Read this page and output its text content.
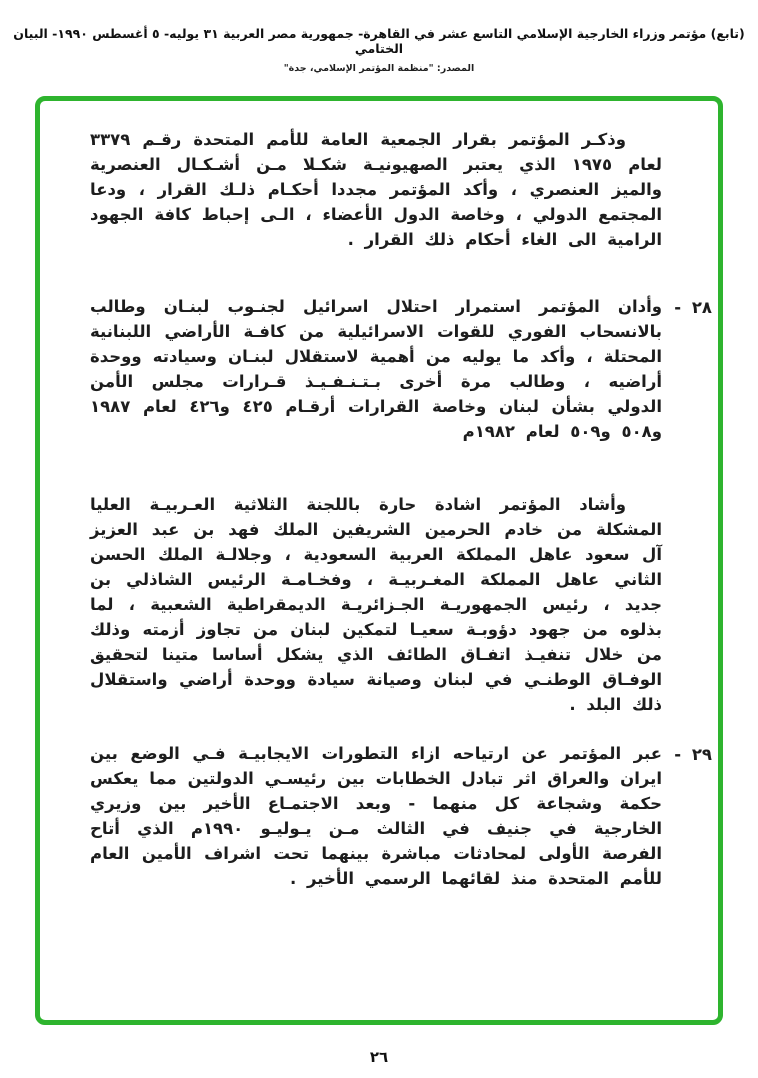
(تابع) مؤتمر وزراء الخارجية الإسلامي التاسع عشر في القاهرة- جمهورية مصر العربية ٣١ يوليه- ٥ أغسطس ١٩٩٠- البيان الختامي
المصدر: "منظمة المؤتمر الإسلامي، جدة"
وذكـر المؤتمر بقرار الجمعية العامة للأمم المتحدة رقـم ٣٣٧٩ لعام ١٩٧٥ الذي يعتبر الصهيونيـة شكـلا مـن أشـكـال العنصرية والميز العنصري ، وأكد المؤتمر مجددا أحكـام ذلـك القرار ، ودعا المجتمع الدولي ، وخاصة الدول الأعضاء ، الـى إحباط كافة الجهود الرامية الى الغاء أحكام ذلك القرار .
٢٨ -
وأدان المؤتمر استمرار احتلال اسرائيل لجنـوب لبنـان وطالب بالانسحاب الفوري للقوات الاسرائيلية من كافـة الأراضي اللبنانية المحتلة ، وأكد ما يوليه من أهمية لاستقلال لبنـان وسيادته ووحدة أراضيه ، وطالب مرة أخرى بـتـنـفـيـذ قـرارات مجلس الأمن الدولي بشأن لبنان وخاصة القرارات أرقـام ٤٢٥ و٤٢٦ لعام ١٩٨٧ و٥٠٨ و٥٠٩ لعام ١٩٨٢م
وأشاد المؤتمر اشادة حارة باللجنة الثلاثية العـربيـة العليا المشكلة من خادم الحرمين الشريفين الملك فهد بن عبد العزيز آل سعود عاهل المملكة العربية السعودية ، وجلالـة الملك الحسن الثاني عاهل المملكة المغـربيـة ، وفخـامـة الرئيس الشاذلي بن جديد ، رئيس الجمهوريـة الجـزائريـة الديمقراطية الشعبية ، لما بذلوه من جهود دؤوبـة سعيـا لتمكين لبنان من تجاوز أزمته وذلك من خلال تنفيـذ اتفـاق الطائف الذي يشكل أساسا متينا لتحقيق الوفـاق الوطنـي في لبنان وصيانة سيادة ووحدة أراضي واستقلال ذلك البلد .
٢٩ -
عبر المؤتمر عن ارتياحه ازاء التطورات الايجابيـة فـي الوضع بين ايران والعراق اثر تبادل الخطابات بين رئيسـي الدولتين مما يعكس حكمة وشجاعة كل منهما - وبعد الاجتمـاع الأخير بين وزيري الخارجية في جنيف في الثالث مـن يـوليـو ١٩٩٠م الذي أتاح الفرصة الأولى لمحادثات مباشرة بينهما تحت اشراف الأمين العام للأمم المتحدة منذ لقائهما الرسمي الأخير .
٢٦
